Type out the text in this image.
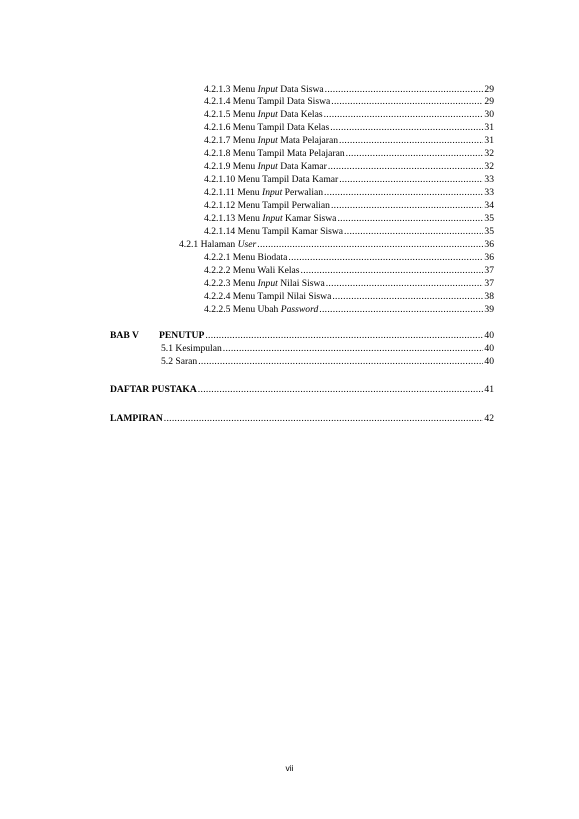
4.2.1.3 Menu Input Data Siswa .....	29
4.2.1.4 Menu Tampil Data Siswa .....	29
4.2.1.5 Menu Input Data Kelas .....	30
4.2.1.6 Menu Tampil Data Kelas .....	31
4.2.1.7 Menu Input Mata Pelajaran .....	31
4.2.1.8 Menu Tampil Mata Pelajaran .....	32
4.2.1.9 Menu Input Data Kamar .....	32
4.2.1.10 Menu Tampil Data Kamar .....	33
4.2.1.11 Menu Input Perwalian .....	33
4.2.1.12 Menu Tampil Perwalian .....	34
4.2.1.13 Menu Input Kamar Siswa .....	35
4.2.1.14 Menu Tampil Kamar Siswa .....	35
4.2.1 Halaman User .....	36
4.2.2.1 Menu Biodata .....	36
4.2.2.2 Menu Wali Kelas .....	37
4.2.2.3 Menu Input Nilai Siswa .....	37
4.2.2.4 Menu Tampil Nilai Siswa .....	38
4.2.2.5 Menu Ubah Password .....	39
BAB V PENUTUP .....	40
5.1 Kesimpulan .....	40
5.2 Saran .....	40
DAFTAR PUSTAKA .....	41
LAMPIRAN .....	42
vii
